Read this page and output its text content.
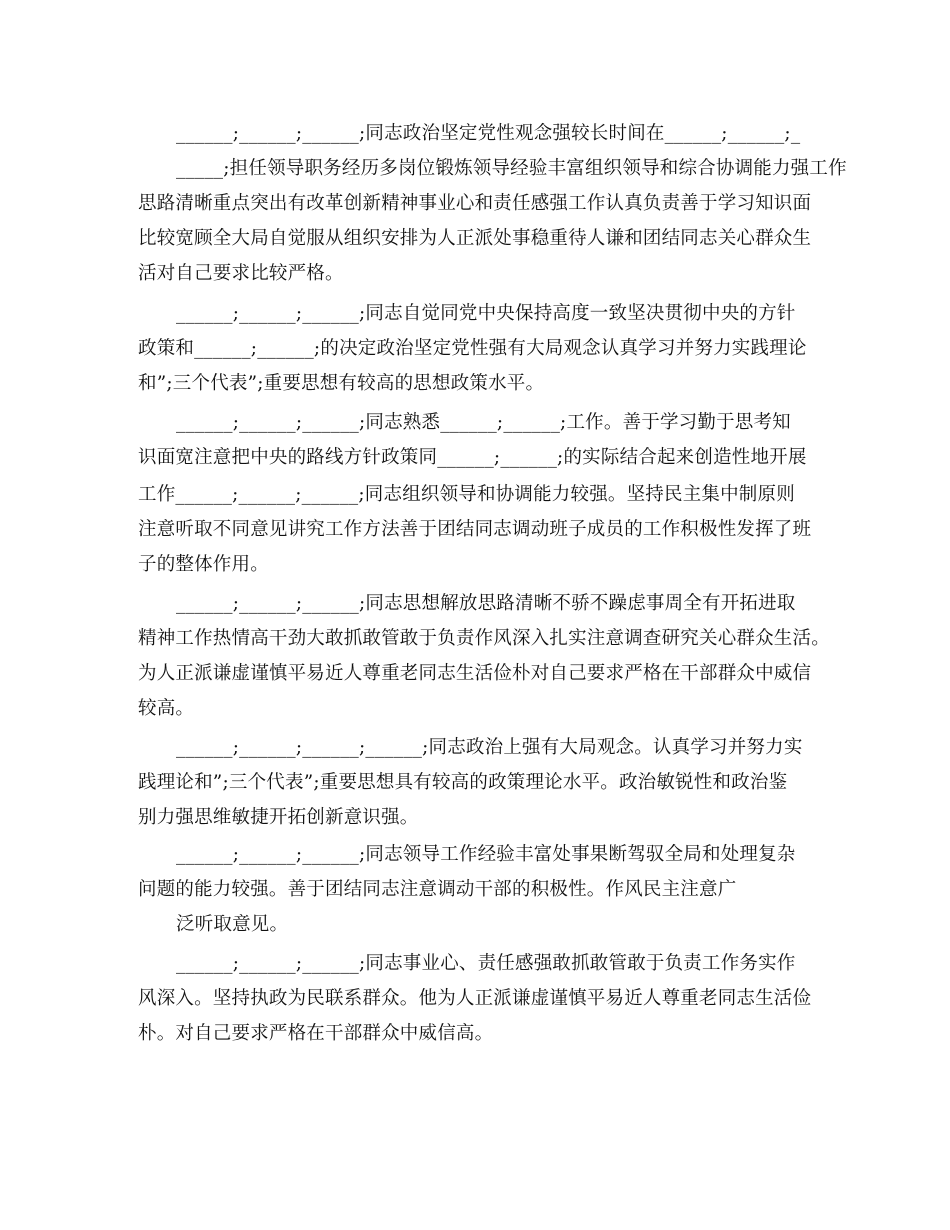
______;______;______;同志政治坚定党性观念强较长时间在______;______;_
_____;担任领导职务经历多岗位锻炼领导经验丰富组织领导和综合协调能力强工作
思路清晰重点突出有改革创新精神事业心和责任感强工作认真负责善于学习知识面
比较宽顾全大局自觉服从组织安排为人正派处事稳重待人谦和团结同志关心群众生
活对自己要求比较严格。
______;______;______;同志自觉同党中央保持高度一致坚决贯彻中央的方针
政策和______;______;的决定政治坚定党性强有大局观念认真学习并努力实践理论
和”;三个代表”;重要思想有较高的思想政策水平。
______;______;______;同志熟悉______;______;工作。善于学习勤于思考知
识面宽注意把中央的路线方针政策同______;______;的实际结合起来创造性地开展
工作______;______;______;同志组织领导和协调能力较强。坚持民主集中制原则
注意听取不同意见讲究工作方法善于团结同志调动班子成员的工作积极性发挥了班
子的整体作用。
______;______;______;同志思想解放思路清晰不骄不躁虑事周全有开拓进取
精神工作热情高干劲大敢抓敢管敢于负责作风深入扎实注意调查研究关心群众生活。
为人正派谦虚谨慎平易近人尊重老同志生活俭朴对自己要求严格在干部群众中威信
较高。
______;______;______;______;同志政治上强有大局观念。认真学习并努力实
践理论和”;三个代表”;重要思想具有较高的政策理论水平。政治敏锐性和政治鉴
别力强思维敏捷开拓创新意识强。
______;______;______;同志领导工作经验丰富处事果断驾驭全局和处理复杂
问题的能力较强。善于团结同志注意调动干部的积极性。作风民主注意广
泛听取意见。
______;______;______;同志事业心、责任感强敢抓敢管敢于负责工作务实作
风深入。坚持执政为民联系群众。他为人正派谦虚谨慎平易近人尊重老同志生活俭
朴。对自己要求严格在干部群众中威信高。
